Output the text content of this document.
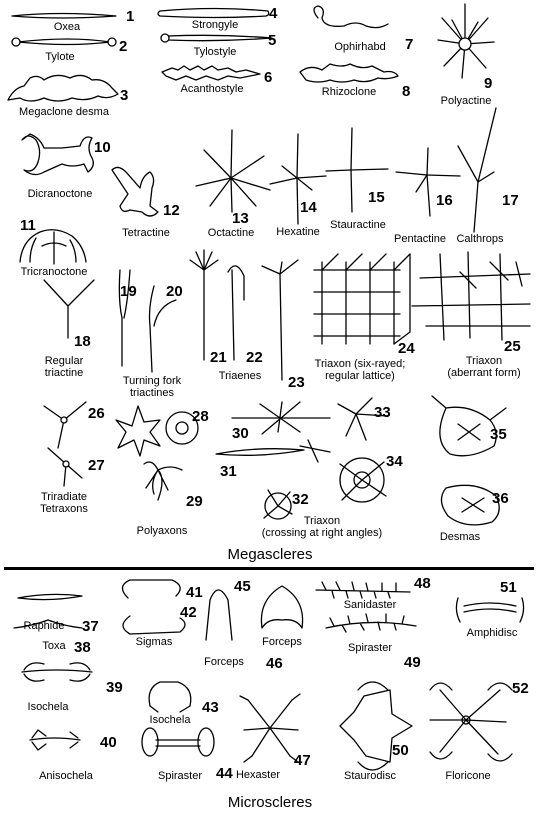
Oxea
Tylote
Megaclone desma
Strongyle
Tylostyle
Acanthostyle
Ophirhabd
Rhizoclone
Polyactine
Dicranoctone
Tetractine	Octactine Hexatine
Stauractine
Pentactine Calthrops
Tricranoctone
Regular
triactine
Turning fork
triactines
Triaenes
Triaxon (six-rayed;
regular lattice)
Triaxon
(aberrant form)
Triradiate
Tetraxons
Polyaxons
Triaxon
(crossing at right angles)	Desmas
Raphide
Toxa	Sigmas
Forceps
Forceps
Sanidaster
Spiraster
Amphidisc
Isochela
Isochela
Hexaster
Anisochela	Spiraster	Staurodisc	Floricone
1
2
3
4
5
6
7
8	9
10
11
12	13
14
15	16	17
18
19 20
21 22
23
24	25
26
27
28
29
30
31
32
33
34
35
36
37
38
39
40
41
42
43
44
45
46
47
48
49
50
51
52
Megascleres
Microscleres
